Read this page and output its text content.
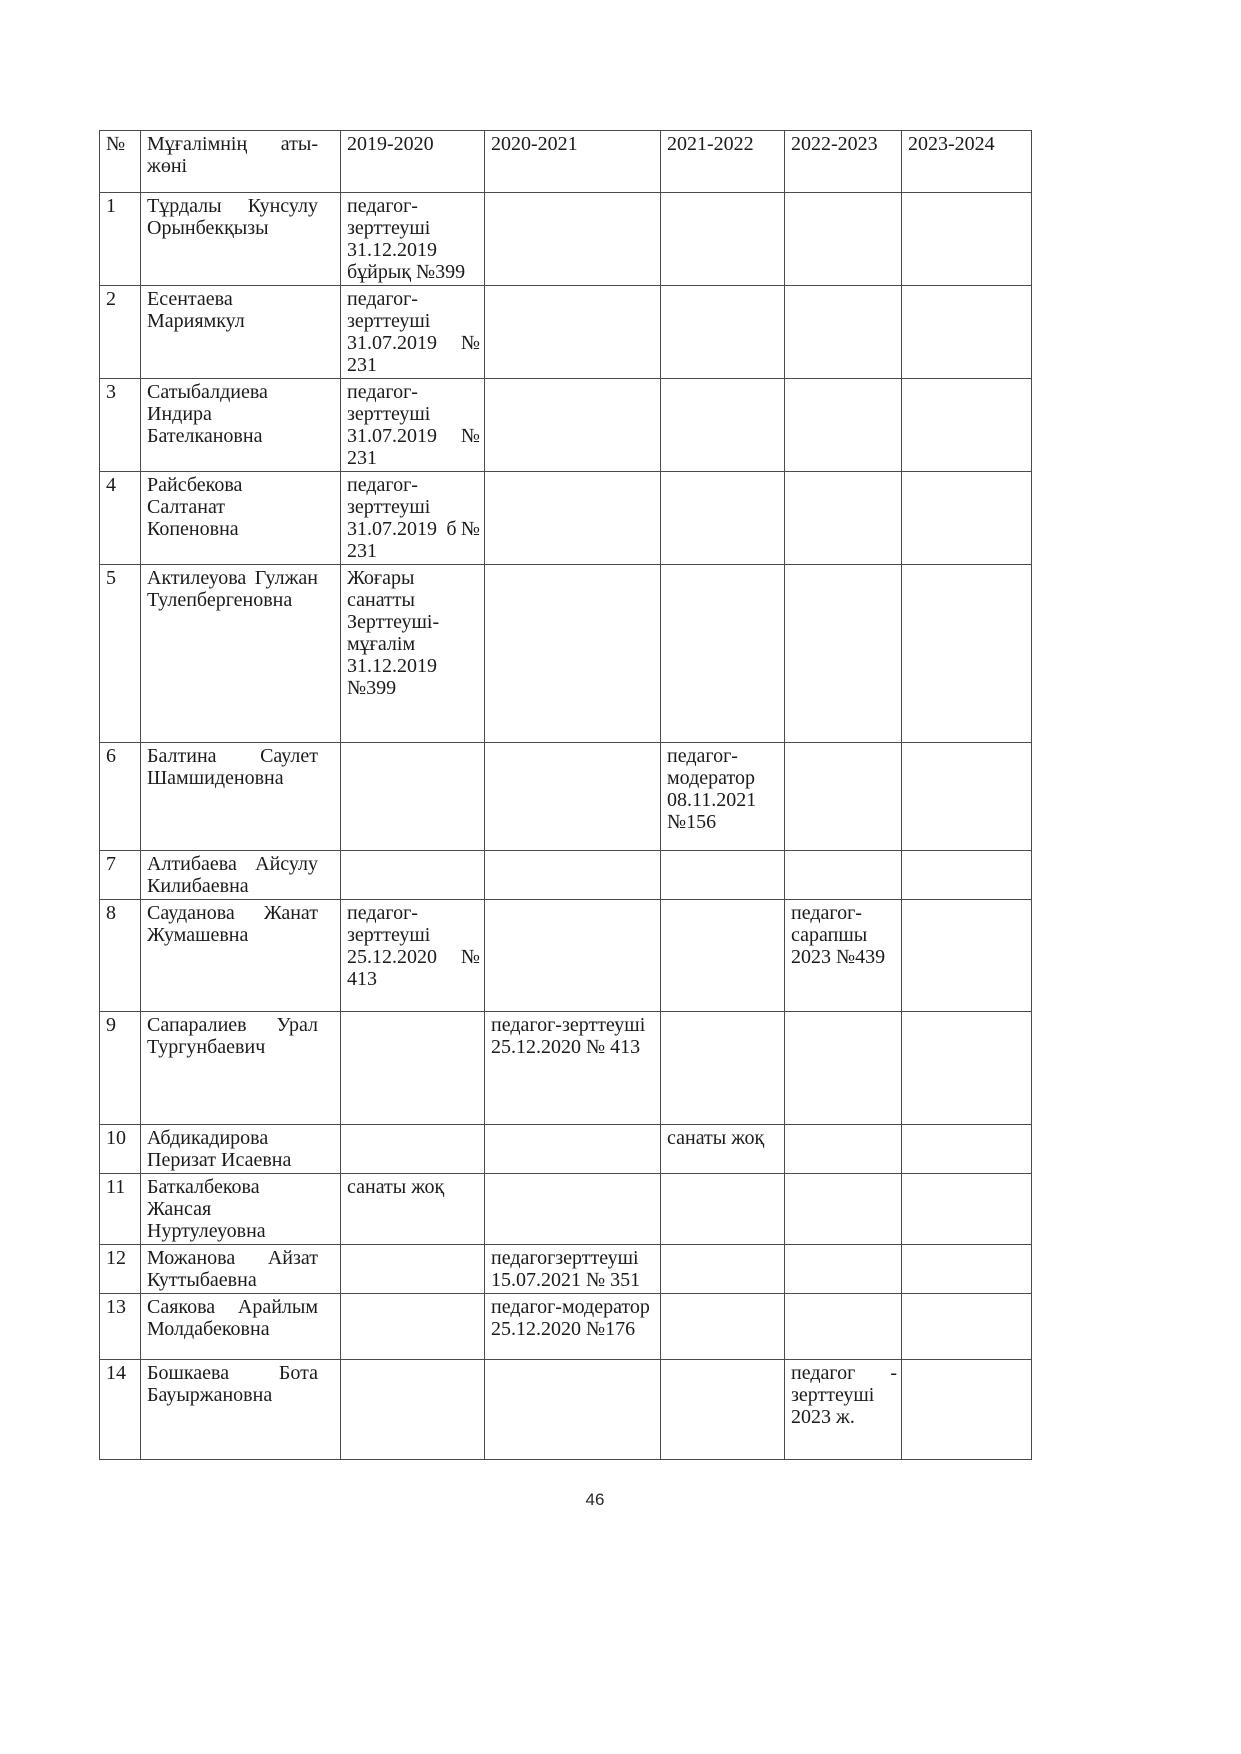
№	Мұғалімнің аты-жөні	2019-2020	2020-2021	2021-2022	2022-2023	2023-2024
1	Тұрдалы Кунсулу Орынбекқызы	педагог-зерттеуші 31.12.2019 бұйрық №399				
2	Есентаева Мариямкул	педагог-зерттеуші 31.07.2019 № 231				
3	Сатыбалдиева Индира Бателкановна	педагог-зерттеуші 31.07.2019 № 231				
4	Райсбекова Салтанат Копеновна	педагог-зерттеуші 31.07.2019 б№ 231				
5	Актилеуова Гулжан Тулепбергеновна	Жоғары санатты Зерттеуші-мұғалім 31.12.2019 №399				
6	Балтина Саулет Шамшиденовна			педагог-модератор 08.11.2021 №156		
7	Алтибаева Айсулу Килибаевна					
8	Сауданова Жанат Жумашевна	педагог-зерттеуші 25.12.2020 № 413			педагог-сарапшы 2023 №439	
9	Сапаралиев Урал Тургунбаевич		педагог-зерттеуші 25.12.2020 № 413			
10	Абдикадирова Перизат Исаевна			санаты жоқ		
11	Баткалбекова Жансая Нуртулеуовна	санаты жоқ				
12	Можанова Айзат Куттыбаевна		педагогзерттеуші 15.07.2021 № 351			
13	Саякова Арайлым Молдабековна		педагог-модератор 25.12.2020 №176			
14	Бошкаева Бота Бауыржановна				педагог - зерттеуші 2023 ж.	
46
